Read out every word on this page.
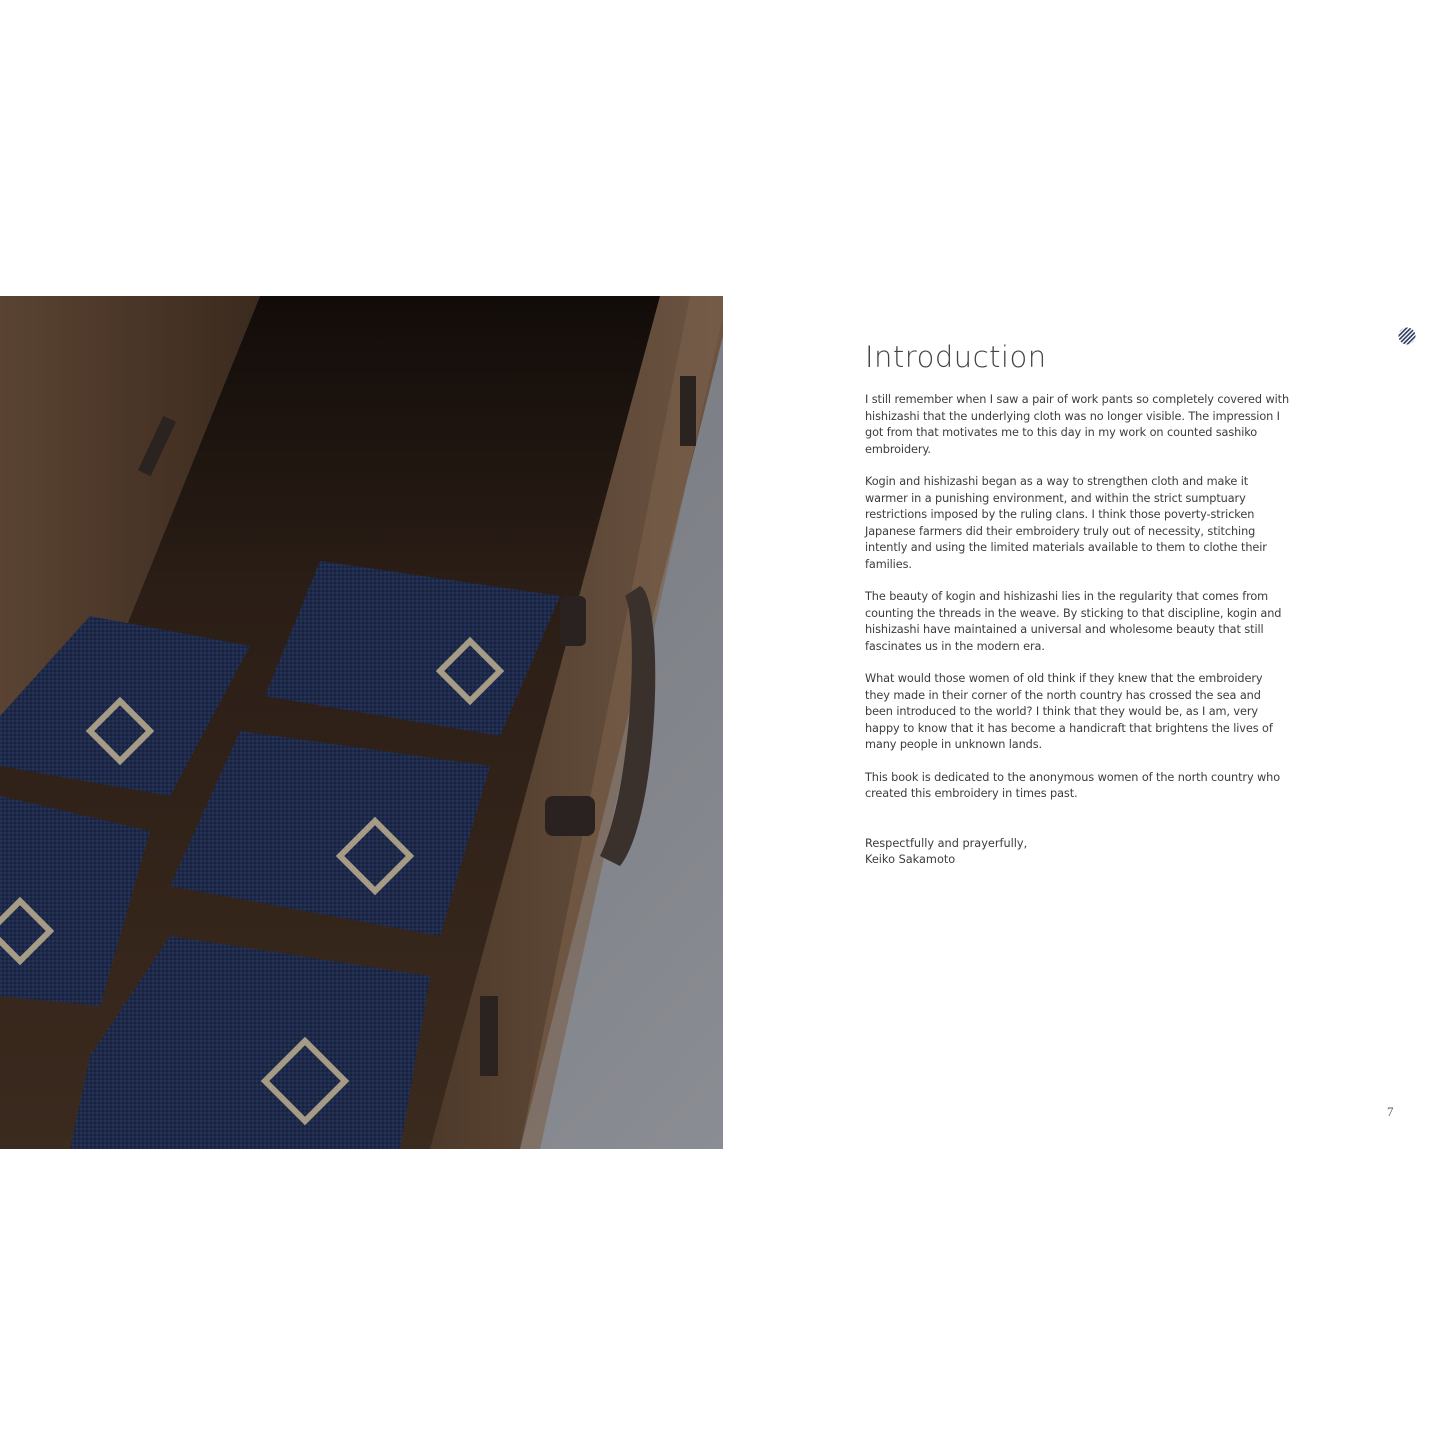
Introduction

I still remember when I saw a pair of work pants so completely covered with hishizashi that the underlying cloth was no longer visible. The impression I got from that motivates me to this day in my work on counted sashiko embroidery.

Kogin and hishizashi began as a way to strengthen cloth and make it warmer in a punishing environment, and within the strict sumptuary restrictions imposed by the ruling clans. I think those poverty-stricken Japanese farmers did their embroidery truly out of necessity, stitching intently and using the limited materials available to them to clothe their families.

The beauty of kogin and hishizashi lies in the regularity that comes from counting the threads in the weave. By sticking to that discipline, kogin and hishizashi have maintained a universal and wholesome beauty that still fascinates us in the modern era.

What would those women of old think if they knew that the embroidery they made in their corner of the north country has crossed the sea and been introduced to the world? I think that they would be, as I am, very happy to know that it has become a handicraft that brightens the lives of many people in unknown lands.

This book is dedicated to the anonymous women of the north country who created this embroidery in times past.

Respectfully and prayerfully,
Keiko Sakamoto
7
